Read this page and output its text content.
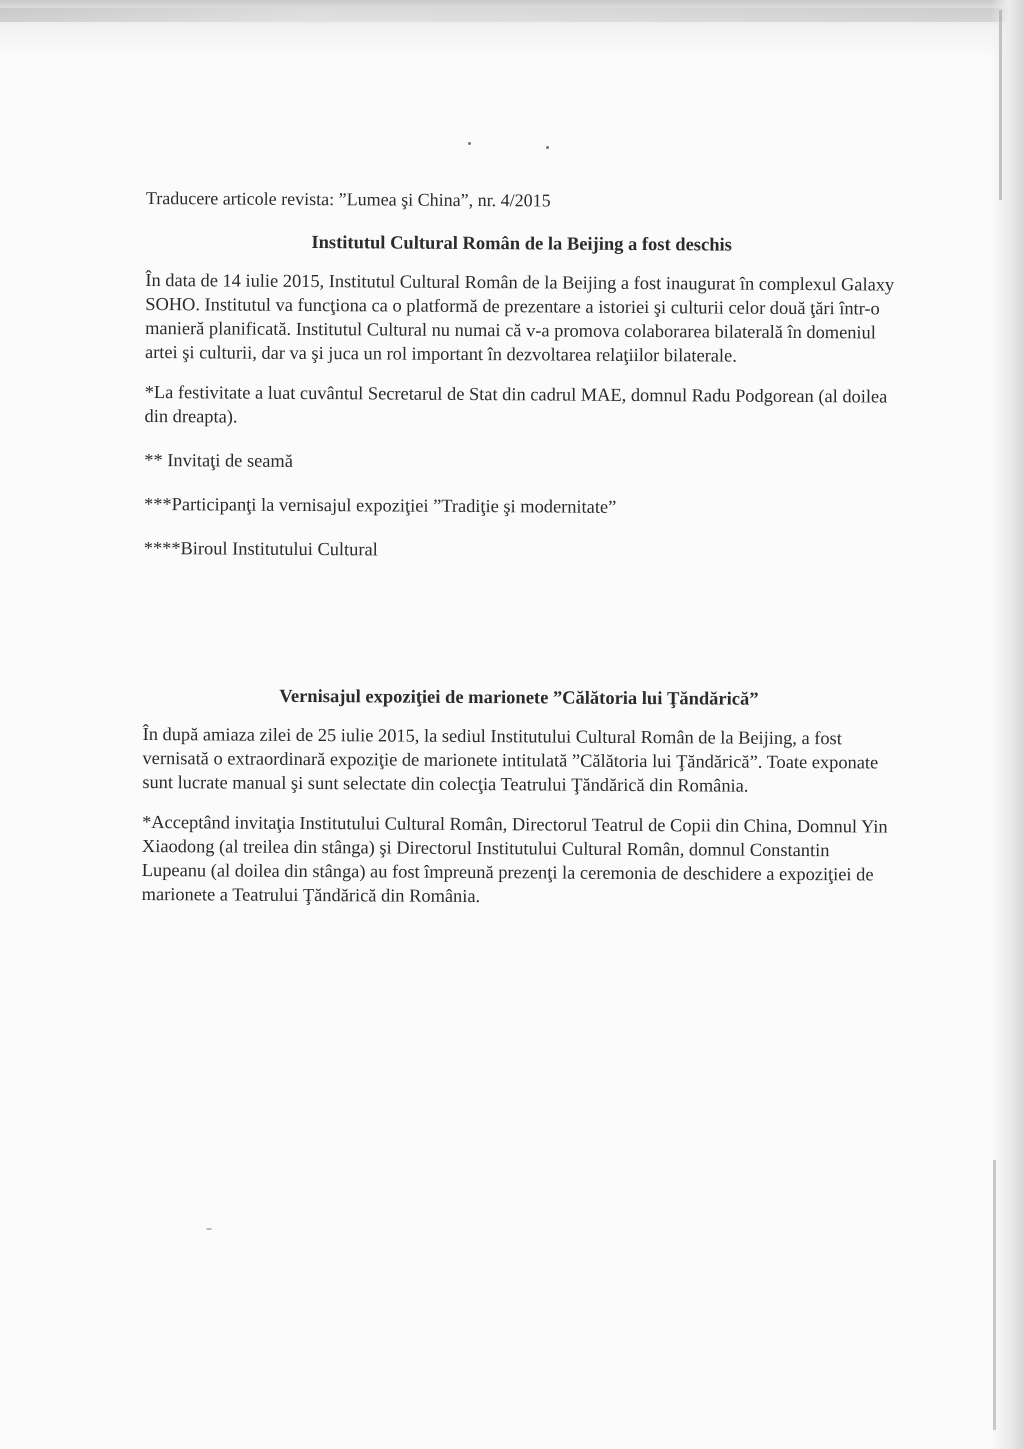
Traducere articole revista: ”Lumea şi China”, nr. 4/2015

Institutul Cultural Român de la Beijing a fost deschis

În data de 14 iulie 2015, Institutul Cultural Român de la Beijing a fost inaugurat în complexul Galaxy SOHO. Institutul va funcţiona ca o platformă de prezentare a istoriei şi culturii celor două ţări într-o manieră planificată. Institutul Cultural nu numai că v-a promova colaborarea bilaterală în domeniul artei şi culturii, dar va şi juca un rol important în dezvoltarea relaţiilor bilaterale.

*La festivitate a luat cuvântul Secretarul de Stat din cadrul MAE, domnul Radu Podgorean (al doilea din dreapta).

** Invitaţi de seamă

***Participanţi la vernisajul expoziţiei ”Tradiţie şi modernitate”

****Biroul Institutului Cultural

Vernisajul expoziţiei de marionete ”Călătoria lui Ţăndărică”

În după amiaza zilei de 25 iulie 2015, la sediul Institutului Cultural Român de la Beijing, a fost vernisată o extraordinară expoziţie de marionete intitulată ”Călătoria lui Ţăndărică”. Toate exponate sunt lucrate manual şi sunt selectate din colecţia Teatrului Ţăndărică din România.

*Acceptând invitaţia Institutului Cultural Român, Directorul Teatrul de Copii din China, Domnul Yin Xiaodong (al treilea din stânga) şi Directorul Institutului Cultural Român, domnul Constantin Lupeanu (al doilea din stânga) au fost împreună prezenţi la ceremonia de deschidere a expoziţiei de marionete a Teatrului Ţăndărică din România.
